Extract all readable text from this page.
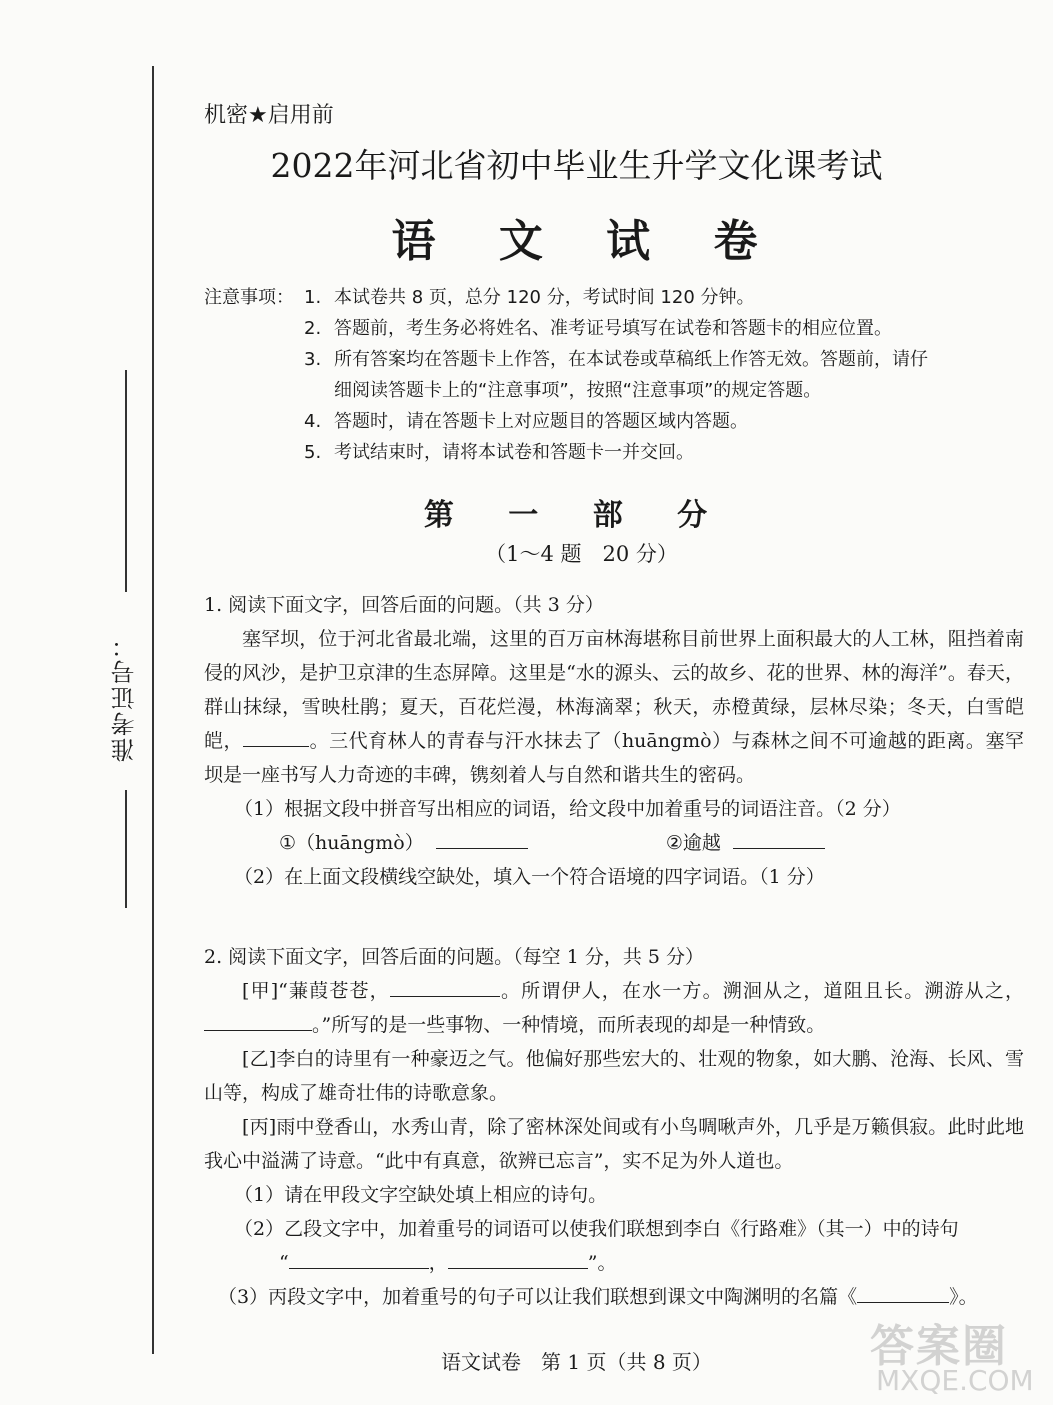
准考证号：
机密★启用前
2022年河北省初中毕业生升学文化课考试
语 文 试 卷
注意事项： 1. 本试卷共 8 页，总分 120 分，考试时间 120 分钟。
2. 答题前，考生务必将姓名、准考证号填写在试卷和答题卡的相应位置。
3. 所有答案均在答题卡上作答，在本试卷或草稿纸上作答无效。答题前，请仔
细阅读答题卡上的“注意事项”，按照“注意事项”的规定答题。
4. 答题时，请在答题卡上对应题目的答题区域内答题。
5. 考试结束时，请将本试卷和答题卡一并交回。
第 一 部 分
（1～4 题　20 分）
1. 阅读下面文字，回答后面的问题。（共 3 分）
塞罕坝，位于河北省最北端，这里的百万亩林海堪称目前世界上面积最大的人工林，阻挡着南侵的风沙，是护卫京津的生态屏障。这里是“水的源头、云的故乡、花的世界、林的海洋”。春天，群山抹绿，雪映杜鹃；夏天，百花烂漫，林海滴翠；秋天，赤橙黄绿，层林尽染；冬天，白雪皑皑，	。三代育林人的青春与汗水抹去了（huāngmò）与森林之间不可逾越的距离。塞罕坝是一座书写人力奇迹的丰碑，镌刻着人与自然和谐共生的密码。
（1）根据文段中拼音写出相应的词语，给文段中加着重号的词语注音。（2 分）
①（huāngmò）	②逾越
（2）在上面文段横线空缺处，填入一个符合语境的四字词语。（1 分）
2. 阅读下面文字，回答后面的问题。（每空 1 分，共 5 分）
[甲]“蒹葭苍苍，	。所谓伊人，在水一方。溯洄从之，道阻且长。溯游从之，。”所写的是一些事物、一种情境，而所表现的却是一种情致。
[乙]李白的诗里有一种豪迈之气。他偏好那些宏大的、壮观的物象，如大鹏、沧海、长风、雪山等，构成了雄奇壮伟的诗歌意象。
[丙]雨中登香山，水秀山青，除了密林深处间或有小鸟啁啾声外，几乎是万籁俱寂。此时此地我心中溢满了诗意。“此中有真意，欲辨已忘言”，实不足为外人道也。
（1）请在甲段文字空缺处填上相应的诗句。
（2）乙段文字中，加着重号的词语可以使我们联想到李白《行路难》（其一）中的诗句
“	，	”。
（3）丙段文字中，加着重号的句子可以让我们联想到课文中陶渊明的名篇《	》。
语文试卷　第 1 页（共 8 页）	答案圈
MXQE.COM
